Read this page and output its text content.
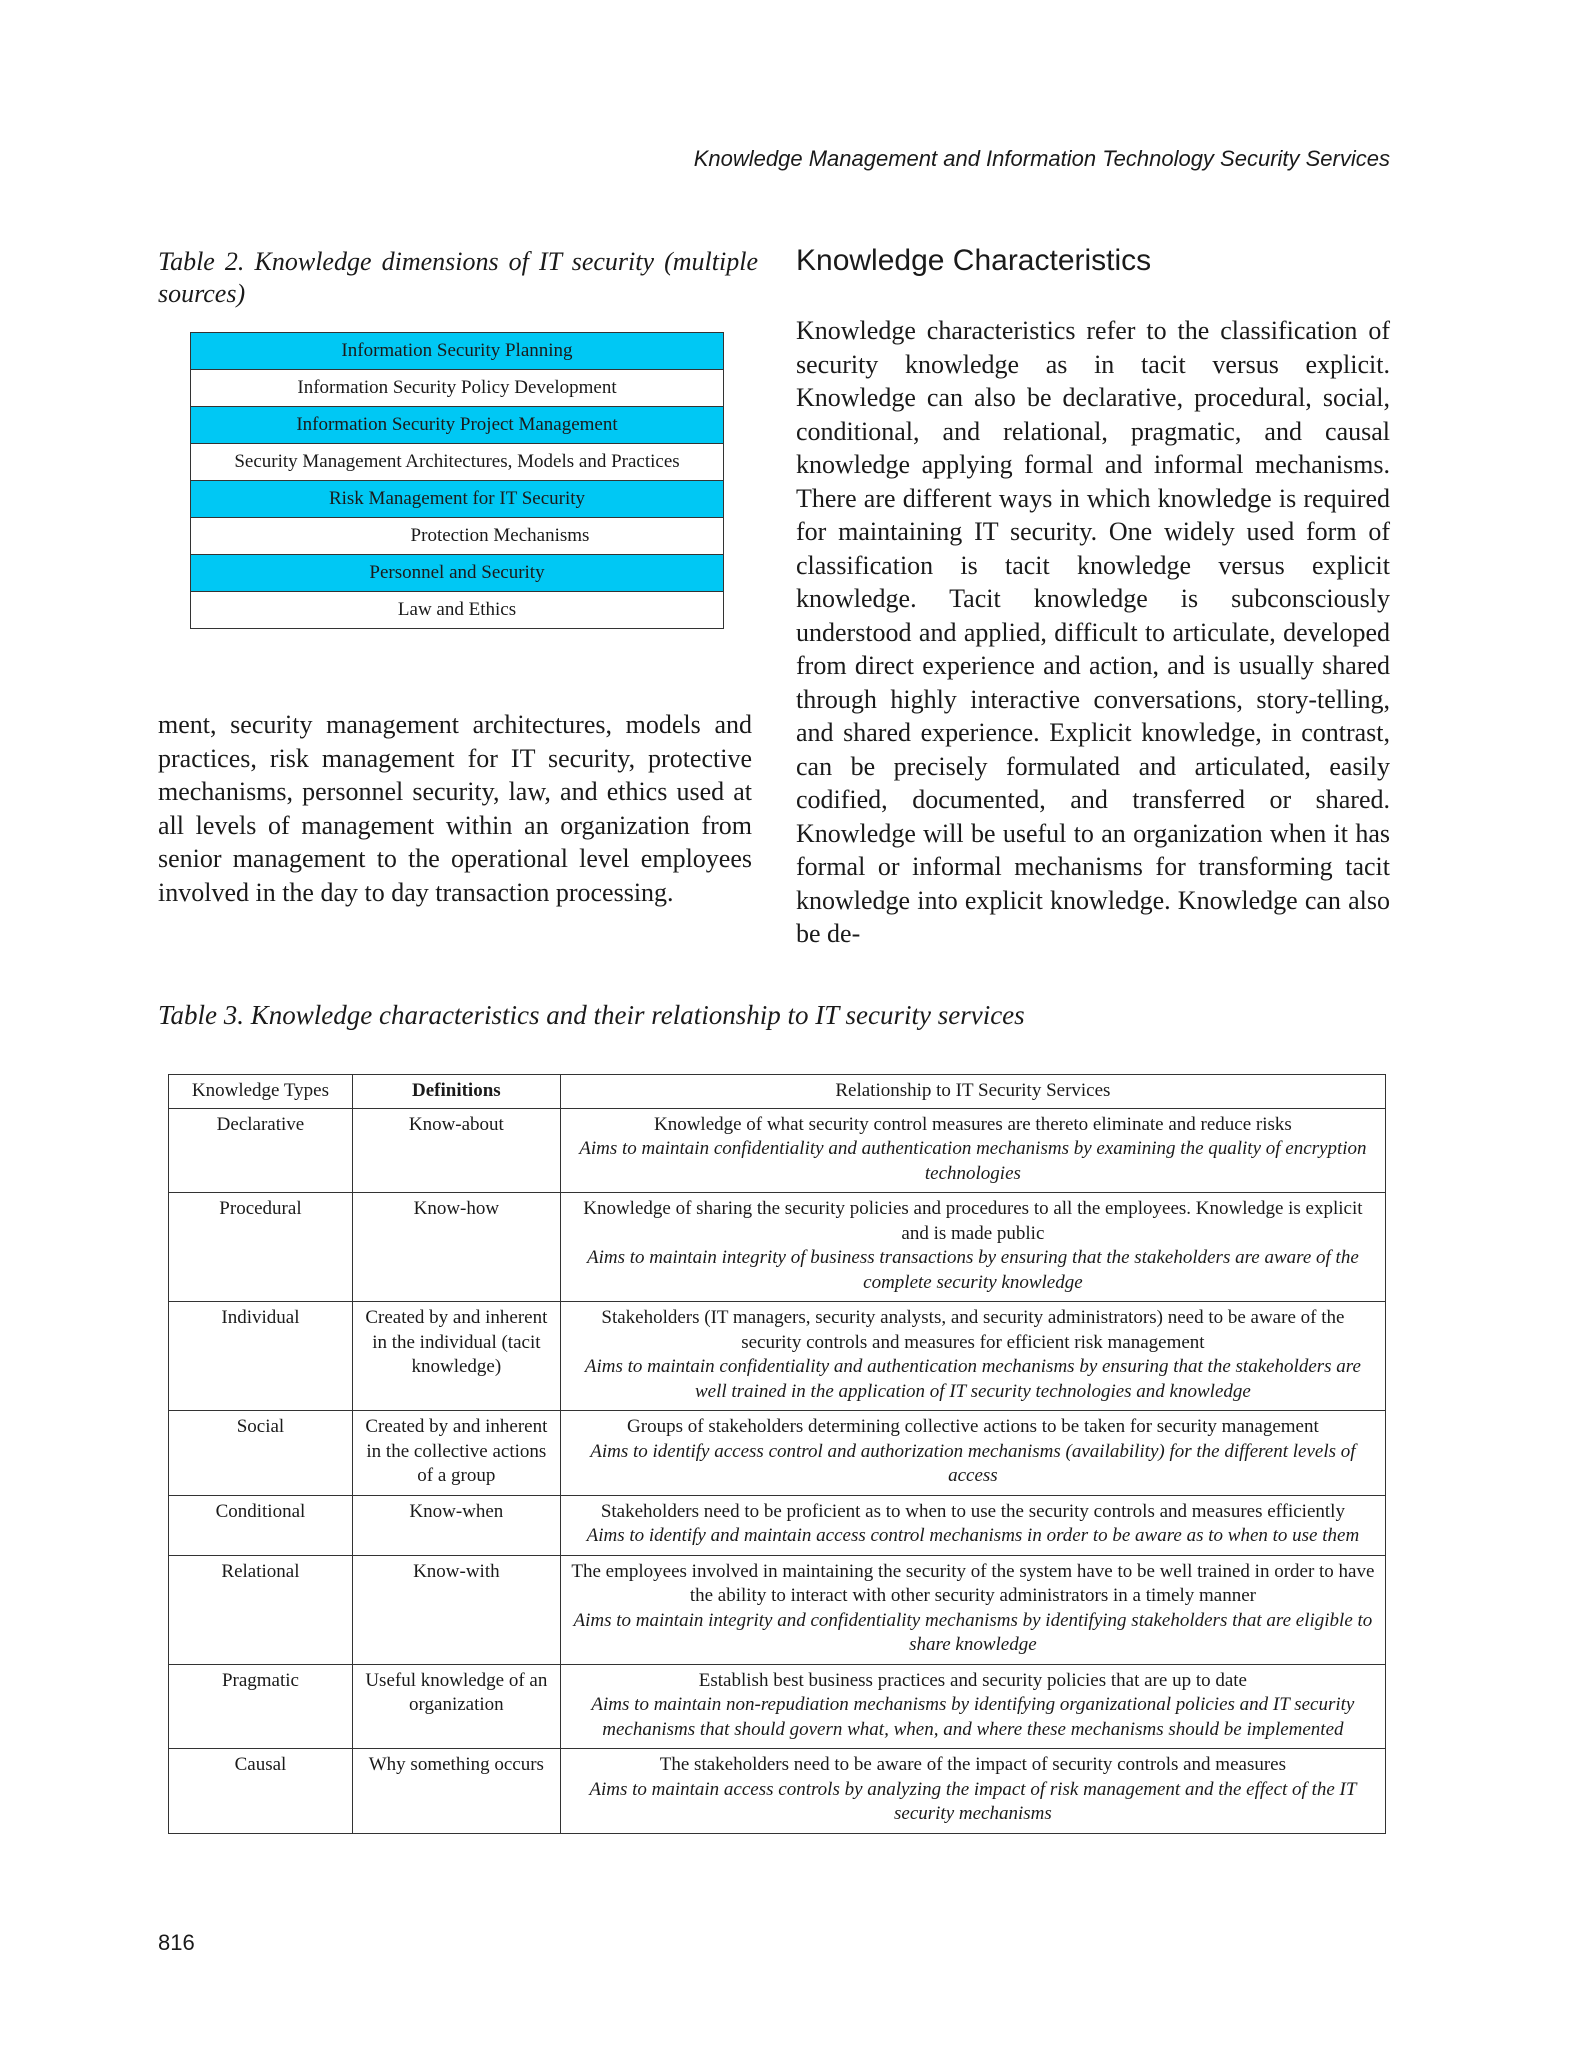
Knowledge Management and Information Technology Security Services
Table 2. Knowledge dimensions of IT security (multiple sources)
Information Security Planning
Information Security Policy Development
Information Security Project Management
Security Management Architectures, Models and Practices
Risk Management for IT Security
Protection Mechanisms
Personnel and Security
Law and Ethics
ment, security management architectures, models and practices, risk management for IT security, protective mechanisms, personnel security, law, and ethics used at all levels of management within an organization from senior management to the operational level employees involved in the day to day transaction processing.
Knowledge Characteristics
Knowledge characteristics refer to the classification of security knowledge as in tacit versus explicit. Knowledge can also be declarative, procedural, social, conditional, and relational, pragmatic, and causal knowledge applying formal and informal mechanisms. There are different ways in which knowledge is required for maintaining IT security. One widely used form of classification is tacit knowledge versus explicit knowledge. Tacit knowledge is subconsciously understood and applied, difficult to articulate, developed from direct experience and action, and is usually shared through highly interactive conversations, story-telling, and shared experience. Explicit knowledge, in contrast, can be precisely formulated and articulated, easily codified, documented, and transferred or shared. Knowledge will be useful to an organization when it has formal or informal mechanisms for transforming tacit knowledge into explicit knowledge. Knowledge can also be de-
Table 3. Knowledge characteristics and their relationship to IT security services
Knowledge Types	Definitions	Relationship to IT Security Services
Declarative	Know-about	Knowledge of what security control measures are thereto eliminate and reduce risks
Aims to maintain confidentiality and authentication mechanisms by examining the quality of encryption technologies

Procedural	Know-how	Knowledge of sharing the security policies and procedures to all the employees. Knowledge is explicit and is made public
Aims to maintain integrity of business transactions by ensuring that the stakeholders are aware of the complete security knowledge

Individual	Created by and inherent in the individual (tacit knowledge)	Stakeholders (IT managers, security analysts, and security administrators) need to be aware of the security controls and measures for efficient risk management
Aims to maintain confidentiality and authentication mechanisms by ensuring that the stakeholders are well trained in the application of IT security technologies and knowledge

Social	Created by and inherent in the collective actions of a group	Groups of stakeholders determining collective actions to be taken for security management
Aims to identify access control and authorization mechanisms (availability) for the different levels of access

Conditional	Know-when	Stakeholders need to be proficient as to when to use the security controls and measures efficiently
Aims to identify and maintain access control mechanisms in order to be aware as to when to use them

Relational	Know-with	The employees involved in maintaining the security of the system have to be well trained in order to have the ability to interact with other security administrators in a timely manner
Aims to maintain integrity and confidentiality mechanisms by identifying stakeholders that are eligible to share knowledge

Pragmatic	Useful knowledge of an organization	Establish best business practices and security policies that are up to date
Aims to maintain non-repudiation mechanisms by identifying organizational policies and IT security mechanisms that should govern what, when, and where these mechanisms should be implemented

Causal	Why something occurs	The stakeholders need to be aware of the impact of security controls and measures
Aims to maintain access controls by analyzing the impact of risk management and the effect of the IT security mechanisms
816
